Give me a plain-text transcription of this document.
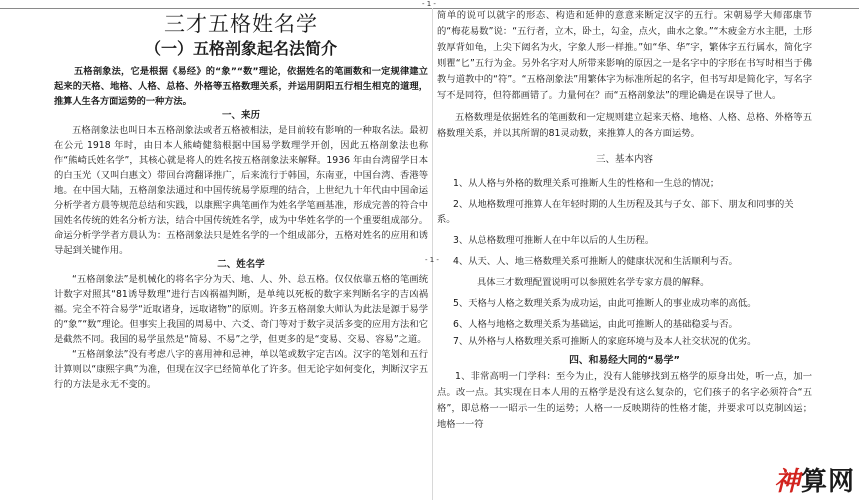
- 1 -
- 1 -
三才五格姓名学
（一）五格剖象起名法简介

五格剖象法，它是根据《易经》的“象”“数”理论，依据姓名的笔画数和一定规律建立起来的天格、地格、人格、总格、外格等五格数理关系，并运用阴阳五行相生相克的道理，推算人生各方面运势的一种方法。

一、来历

五格剖象法也叫日本五格剖象法或者五格被相法，是目前较有影响的一种取名法。最初在公元 1918 年时，由日本人熊崎健翁根据中国易学数理学开创，因此五格剖象法也称作“熊崎氏姓名学”，其核心就是将人的姓名按五格剖象法来解释。1936 年由台湾留学日本的白玉光（又叫白惠文）带回台湾翻译推广，后来流行于韩国，东南亚，中国台湾、香港等地。在中国大陆，五格剖象法通过和中国传统易学原理的结合，上世纪九十年代由中国命运分析学者方晨等规范总结和实践，以康熙字典笔画作为姓名学笔画基准，形成完善的符合中国姓名传统的姓名分析方法，结合中国传统姓名学，成为中华姓名学的一个重要组成部分。命运分析学学者方晨认为：五格剖象法只是姓名学的一个组成部分，五格对姓名的应用和诱导起到关键作用。

二、姓名学

“五格剖象法”是机械化的将名字分为天、地、人、外、总五格。仅仅依靠五格的笔画统计数字对照其“81诱导数理”进行吉凶祸福判断，是单纯以死板的数字来判断名字的吉凶祸福。完全不符合易学“近取诸身，远取诸物”的原则。许多五格剖象大师认为此法是源于易学的“象”“数”理论。但事实上我国的周易中、六爻、奇门等对于数字灵活多变的应用方法和它是截然不同。我国的易学虽然是“简易、不易”之学，但更多的是“变易、交易、容易”之道。

“五格剖象法”没有考虑八字的喜用神和忌神，单以笔或数字定吉凶。汉字的笔划和五行计算则以“康熙字典”为准，但现在汉字已经简单化了许多。但无论字如何变化，判断汉字五行的方法是永无不变的。

简单的说可以就字的形态、构造和延伸的意意来断定汉字的五行。宋朝易学大师邵康节的“梅花易数”说：“五行者，立木，卧土，勾金，点火，曲水之象。”“木疲金方水主肥，土形敦厚背如龟，上尖下阔名为火，字象人形一样推。”如“华、华”字，繁体字五行属水，简化字则瞿“匕”五行为金。另外名字对人所带来影响的原因之一是名字中的字形在书写时相当于佛教与道教中的“符”。“五格剖象法”用繁体字为标准所起的名字，但书写却是简化字，写名字写不是同符，但符都画错了。力量何在？而“五格剖象法”的理论确是在误导了世人。

五格数理是依据姓名的笔画数和一定规则建立起来天格、地格、人格、总格、外格等五格数理关系，并以其所谓的81灵动数，来推算人的各方面运势。

三、基本内容

1、从人格与外格的数理关系可推断人生的性格和一生总的情况；

2、从地格数理可推算人在年轻时期的人生历程及其与子女、部下、朋友和同事的关系。

3、从总格数理可推断人在中年以后的人生历程。

4、从天、人、地三格数理关系可推断人的健康状况和生活顺利与否。

具体三才数理配置说明可以参照姓名学专家方晨的解释。

5、天格与人格之数理关系为成功运，由此可推断人的事业成功率的高低。

6、人格与地格之数理关系为基础运，由此可推断人的基础稳妥与否。

7、从外格与人格数理关系可推断人的家庭环境与及本人社交状况的优劣。

四、和易经大同的“易学”

1、非常高明一门学科：至今为止，没有人能够找到五格学的原身出处，听一点，加一点。改一点。其实现在日本人用的五格学是没有这么复杂的，它们孩子的名字必须符合“五格”，即总格一一昭示一生的运势；人格一一反映期待的性格才能，并要求可以克制凶运；地格一一符

神算网
